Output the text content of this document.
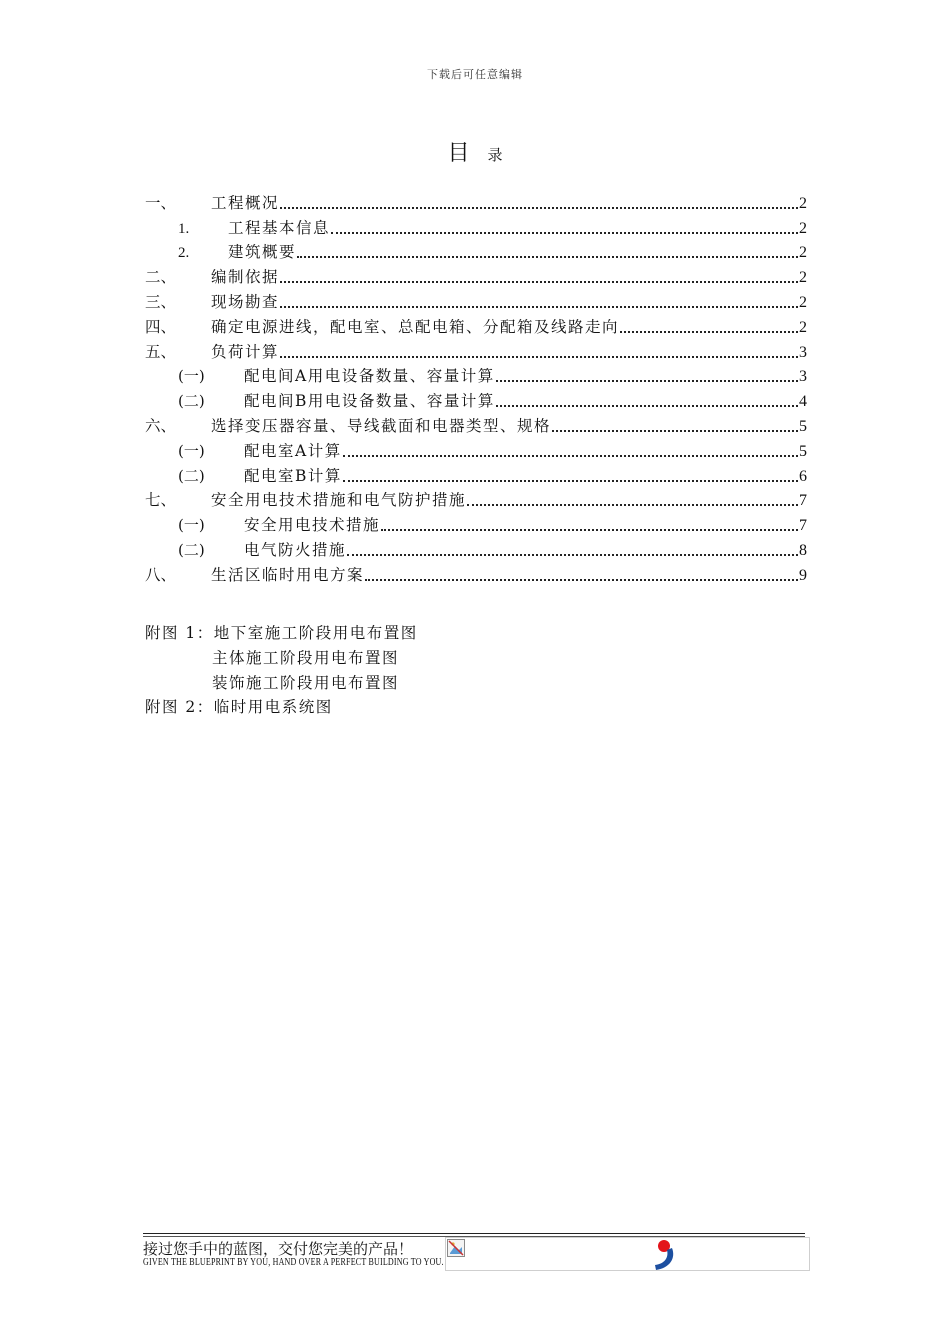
下载后可任意编辑
目 录
一、	工程概况	2
1.	工程基本信息	2
2.	建筑概要	2
二、	编制依据	2
三、	现场勘查	2
四、	确定电源进线，配电室、总配电箱、分配箱及线路走向	2
五、	负荷计算	3
(一)	配电间A用电设备数量、容量计算	3
(二)	配电间B用电设备数量、容量计算	4
六、	选择变压器容量、导线截面和电器类型、规格	5
(一)	配电室A计算	5
(二)	配电室B计算	6
七、	安全用电技术措施和电气防护措施	7
(一)	安全用电技术措施	7
(二)	电气防火措施	8
八、	生活区临时用电方案	9
附图 1：地下室施工阶段用电布置图
主体施工阶段用电布置图
装饰施工阶段用电布置图
附图 2：临时用电系统图
接过您手中的蓝图，交付您完美的产品！
GIVEN THE BLUEPRINT BY YOU, HAND OVER A PERFECT BUILDING TO YOU.
